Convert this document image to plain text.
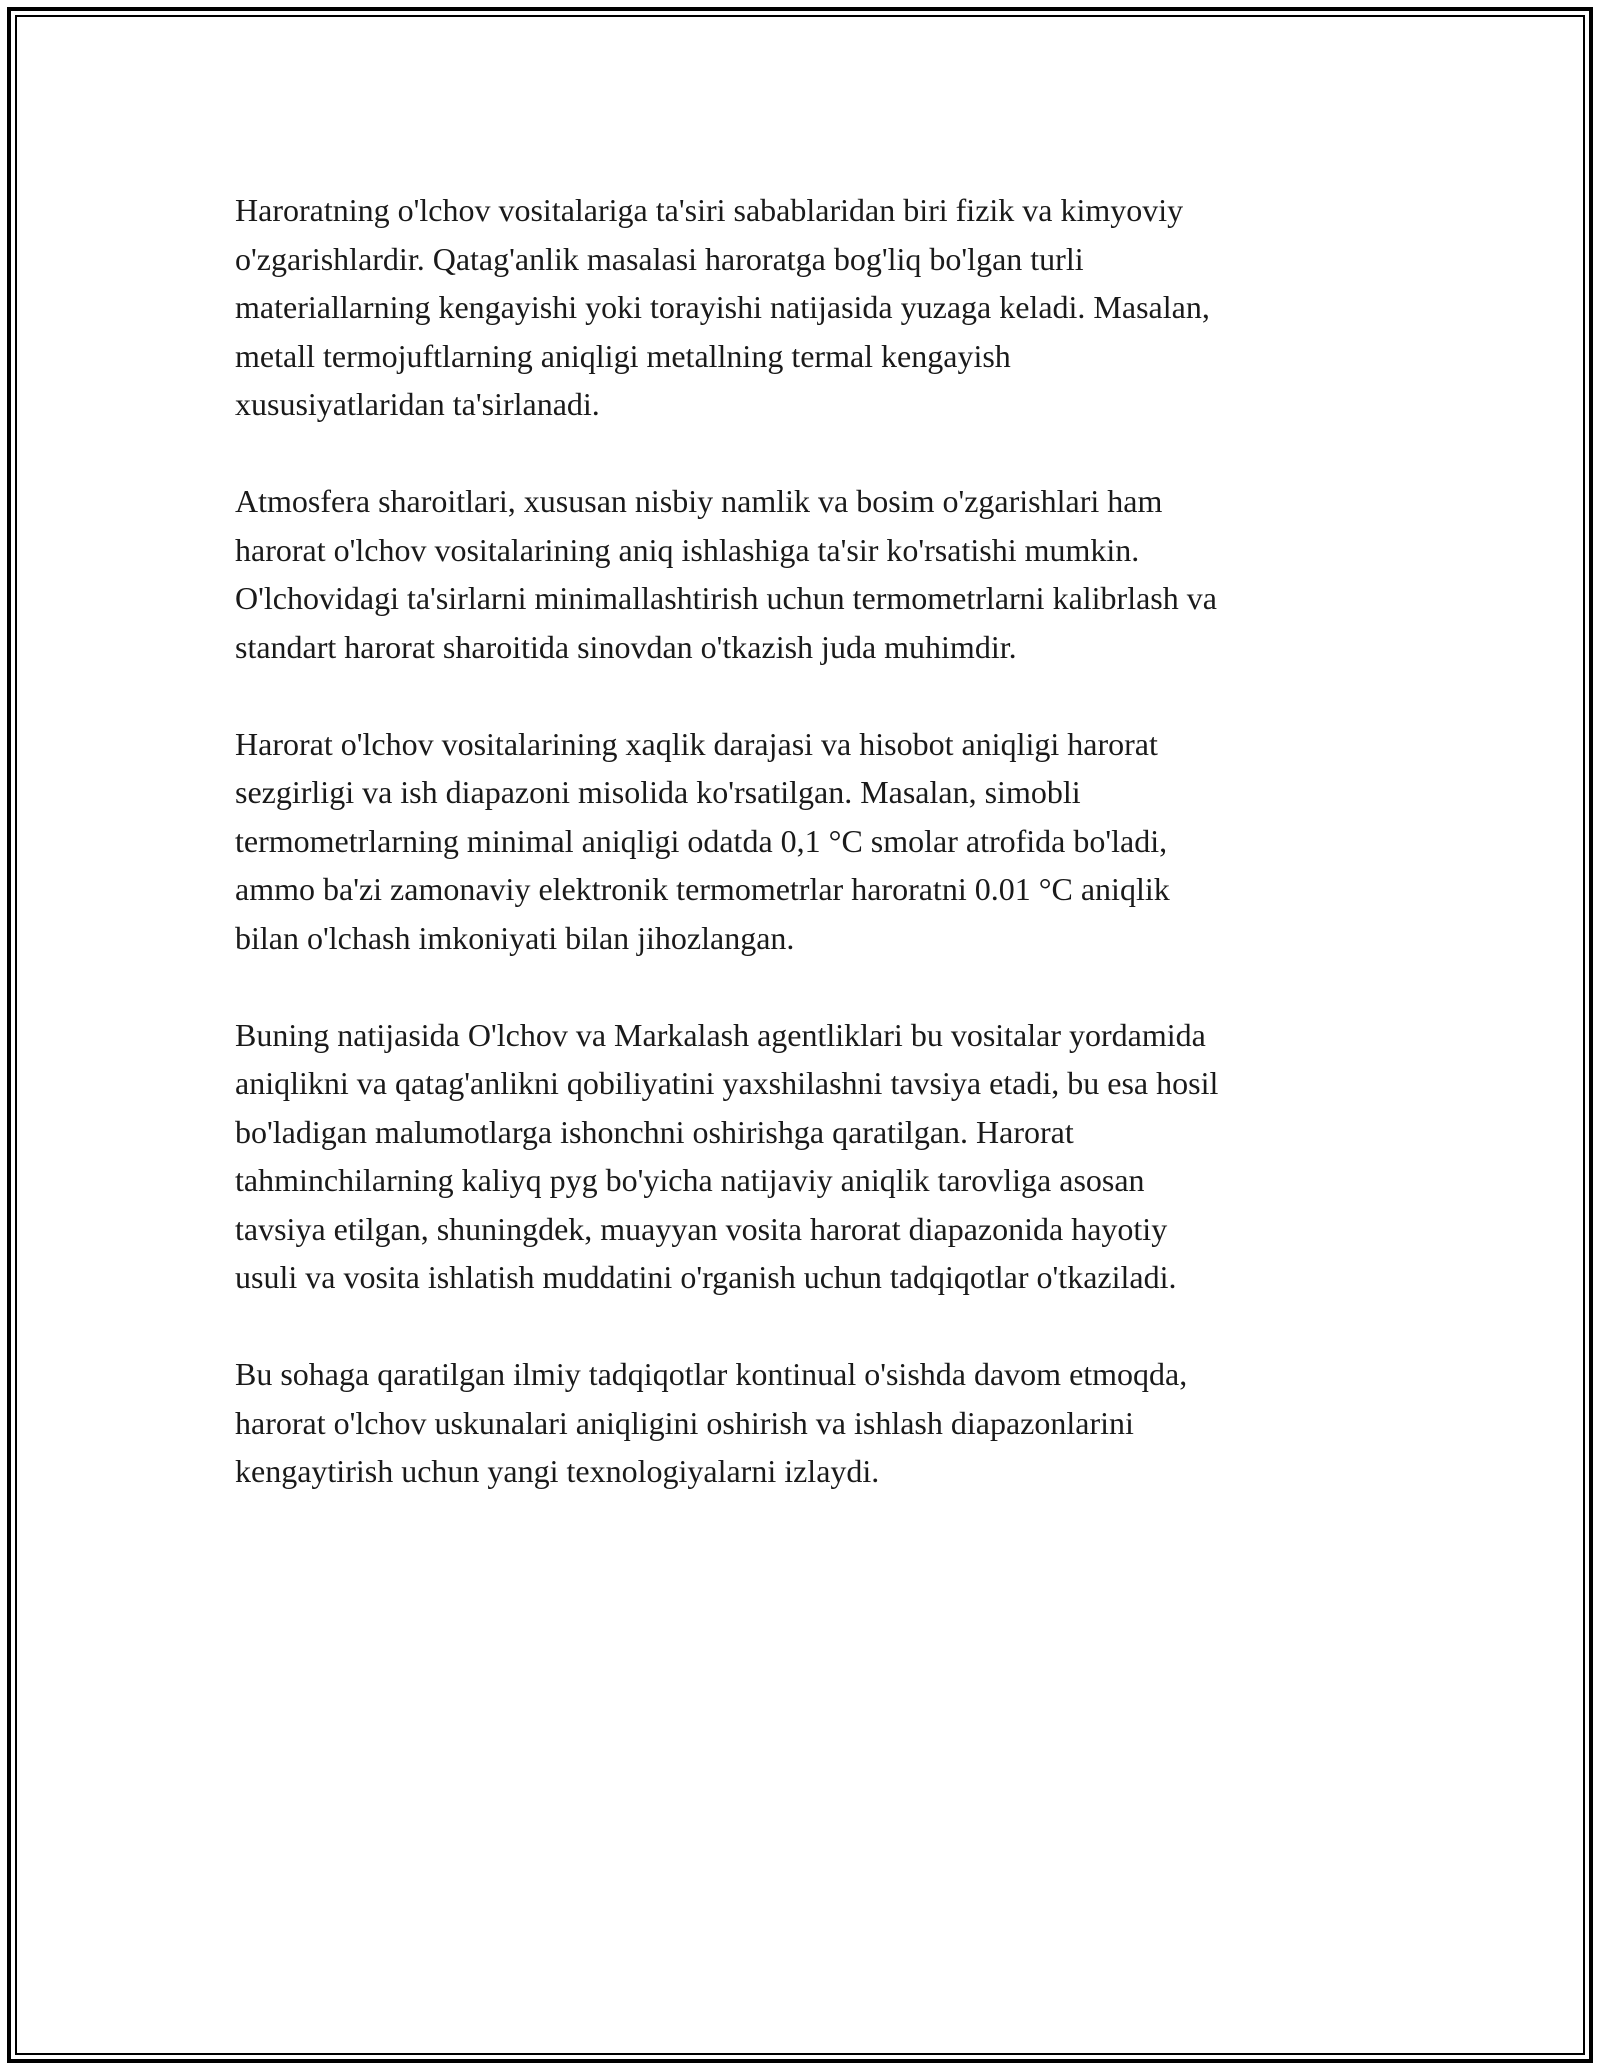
Haroratning o'lchov vositalariga ta'siri sabablaridan biri fizik va kimyoviy
o'zgarishlardir. Qatag'anlik masalasi haroratga bog'liq bo'lgan turli
materiallarning kengayishi yoki torayishi natijasida yuzaga keladi. Masalan,
metall termojuftlarning aniqligi metallning termal kengayish
xususiyatlaridan ta'sirlanadi.

Atmosfera sharoitlari, xususan nisbiy namlik va bosim o'zgarishlari ham
harorat o'lchov vositalarining aniq ishlashiga ta'sir ko'rsatishi mumkin.
O'lchovidagi ta'sirlarni minimallashtirish uchun termometrlarni kalibrlash va
standart harorat sharoitida sinovdan o'tkazish juda muhimdir.

Harorat o'lchov vositalarining xaqlik darajasi va hisobot aniqligi harorat
sezgirligi va ish diapazoni misolida ko'rsatilgan. Masalan, simobli
termometrlarning minimal aniqligi odatda 0,1 °C smolar atrofida bo'ladi,
ammo ba'zi zamonaviy elektronik termometrlar haroratni 0.01 °C aniqlik
bilan o'lchash imkoniyati bilan jihozlangan.

Buning natijasida O'lchov va Markalash agentliklari bu vositalar yordamida
aniqlikni va qatag'anlikni qobiliyatini yaxshilashni tavsiya etadi, bu esa hosil
bo'ladigan malumotlarga ishonchni oshirishga qaratilgan. Harorat
tahminchilarning kaliyq pyg bo'yicha natijaviy aniqlik tarovliga asosan
tavsiya etilgan, shuningdek, muayyan vosita harorat diapazonida hayotiy
usuli va vosita ishlatish muddatini o'rganish uchun tadqiqotlar o'tkaziladi.

Bu sohaga qaratilgan ilmiy tadqiqotlar kontinual o'sishda davom etmoqda,
harorat o'lchov uskunalari aniqligini oshirish va ishlash diapazonlarini
kengaytirish uchun yangi texnologiyalarni izlaydi.
